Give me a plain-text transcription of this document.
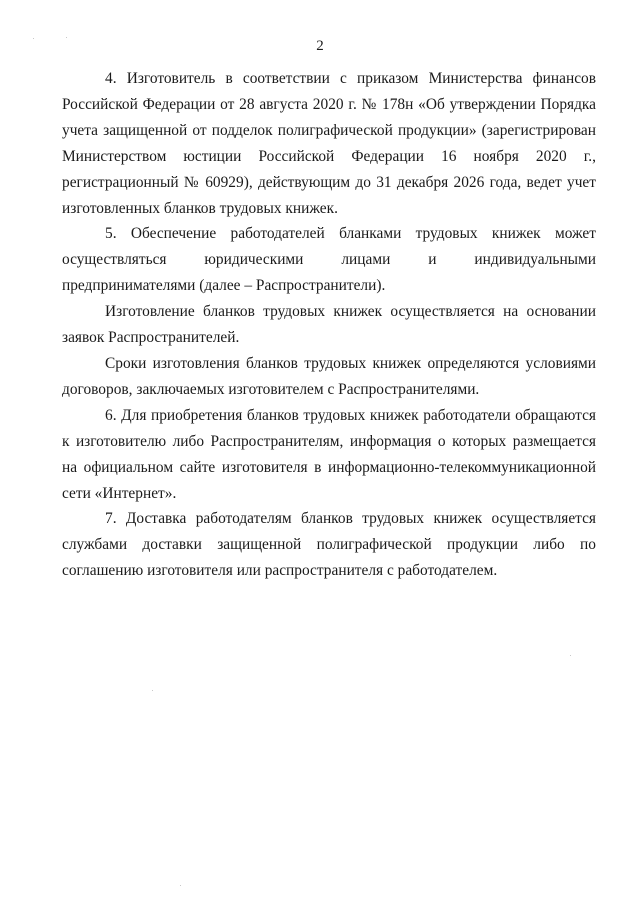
2

4. Изготовитель в соответствии с приказом Министерства финансов Российской Федерации от 28 августа 2020 г. № 178н «Об утверждении Порядка учета защищенной от подделок полиграфической продукции» (зарегистрирован Министерством юстиции Российской Федерации 16 ноября 2020 г., регистрационный № 60929), действующим до 31 декабря 2026 года, ведет учет изготовленных бланков трудовых книжек.

5. Обеспечение работодателей бланками трудовых книжек может осуществляться юридическими лицами и индивидуальными предпринимателями (далее – Распространители).

Изготовление бланков трудовых книжек осуществляется на основании заявок Распространителей.

Сроки изготовления бланков трудовых книжек определяются условиями договоров, заключаемых изготовителем с Распространителями.

6. Для приобретения бланков трудовых книжек работодатели обращаются к изготовителю либо Распространителям, информация о которых размещается на официальном сайте изготовителя в информационно-телекоммуникационной сети «Интернет».

7. Доставка работодателям бланков трудовых книжек осуществляется службами доставки защищенной полиграфической продукции либо по соглашению изготовителя или распространителя с работодателем.
